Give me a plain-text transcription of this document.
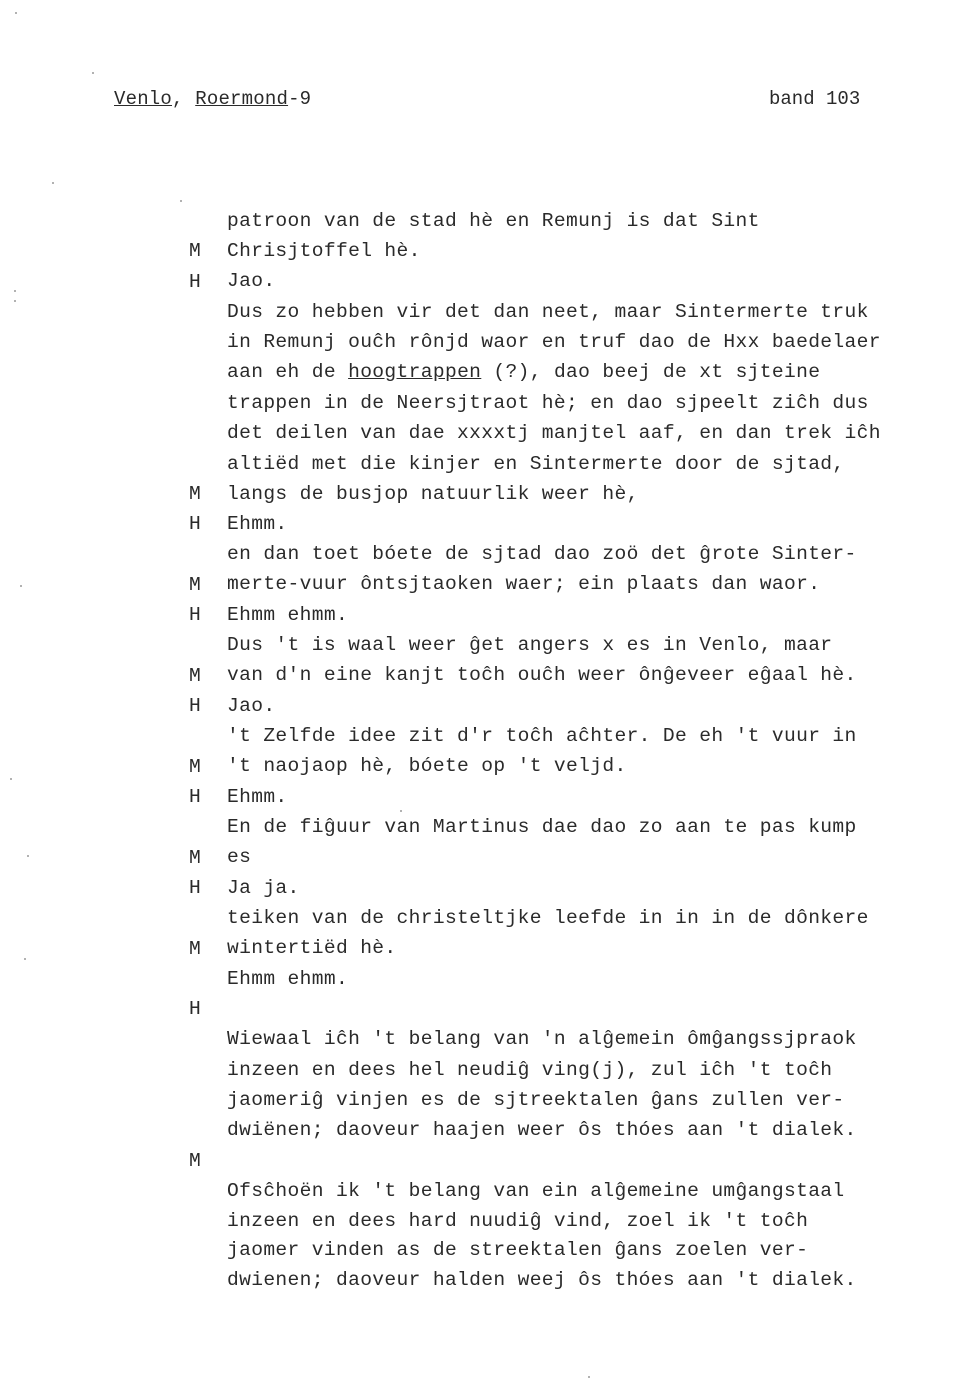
Venlo, Roermond-9	band 103

patroon van de stad hè en Remunj is dat Sint

Chrisjtoffel hè.

M

Jao.

H

Dus zo hebben vir det dan neet, maar Sintermerte truk

in Remunj ouĉh rônjd waor en truf dao de Hxx baedelaer

aan eh de hoogtrappen (?), dao beej de xt sjteine

trappen in de Neersjtraot hè; en dao sjpeelt ziĉh dus

det deilen van dae xxxxtj manjtel aaf, en dan trek iĉh

altiëd met die kinjer en Sintermerte door de sjtad,

langs de busjop natuurlik weer hè,

M

Ehmm.

H

en dan toet bóete de sjtad dao zoö det ĝrote Sinter-

merte-vuur ôntsjtaoken waer; ein plaats dan waor.

M

Ehmm ehmm.

H

Dus 't is waal weer ĝet angers x es in Venlo, maar

van d'n eine kanjt toĉh ouĉh weer ônĝeveer eĝaal hè.

M

Jao.

H

't Zelfde idee zit d'r toĉh aĉhter. De eh 't vuur in

't naojaop hè, bóete op 't veljd.

M

Ehmm.

H

En de fiĝuur van Martinus dae dao zo aan te pas kump

es

M

Ja ja.

H

teiken van de christeltjke leefde in in in de dônkere

wintertiëd hè.

M

Ehmm ehmm.

H

Wiewaal iĉh 't belang van 'n alĝemein ômĝangssjpraok

inzeen en dees hel neudiĝ ving(j), zul iĉh 't toĉh

jaomeriĝ vinjen es de sjtreektalen ĝans zullen ver-

dwiënen; daoveur haajen weer ôs thóes aan 't dialek.

M

Ofsĉhoën ik 't belang van ein alĝemeine umĝangstaal

inzeen en dees hard nuudiĝ vind, zoel ik 't toĉh

jaomer vinden as de streektalen ĝans zoelen ver-

dwienen; daoveur halden weej ôs thóes aan 't dialek.
